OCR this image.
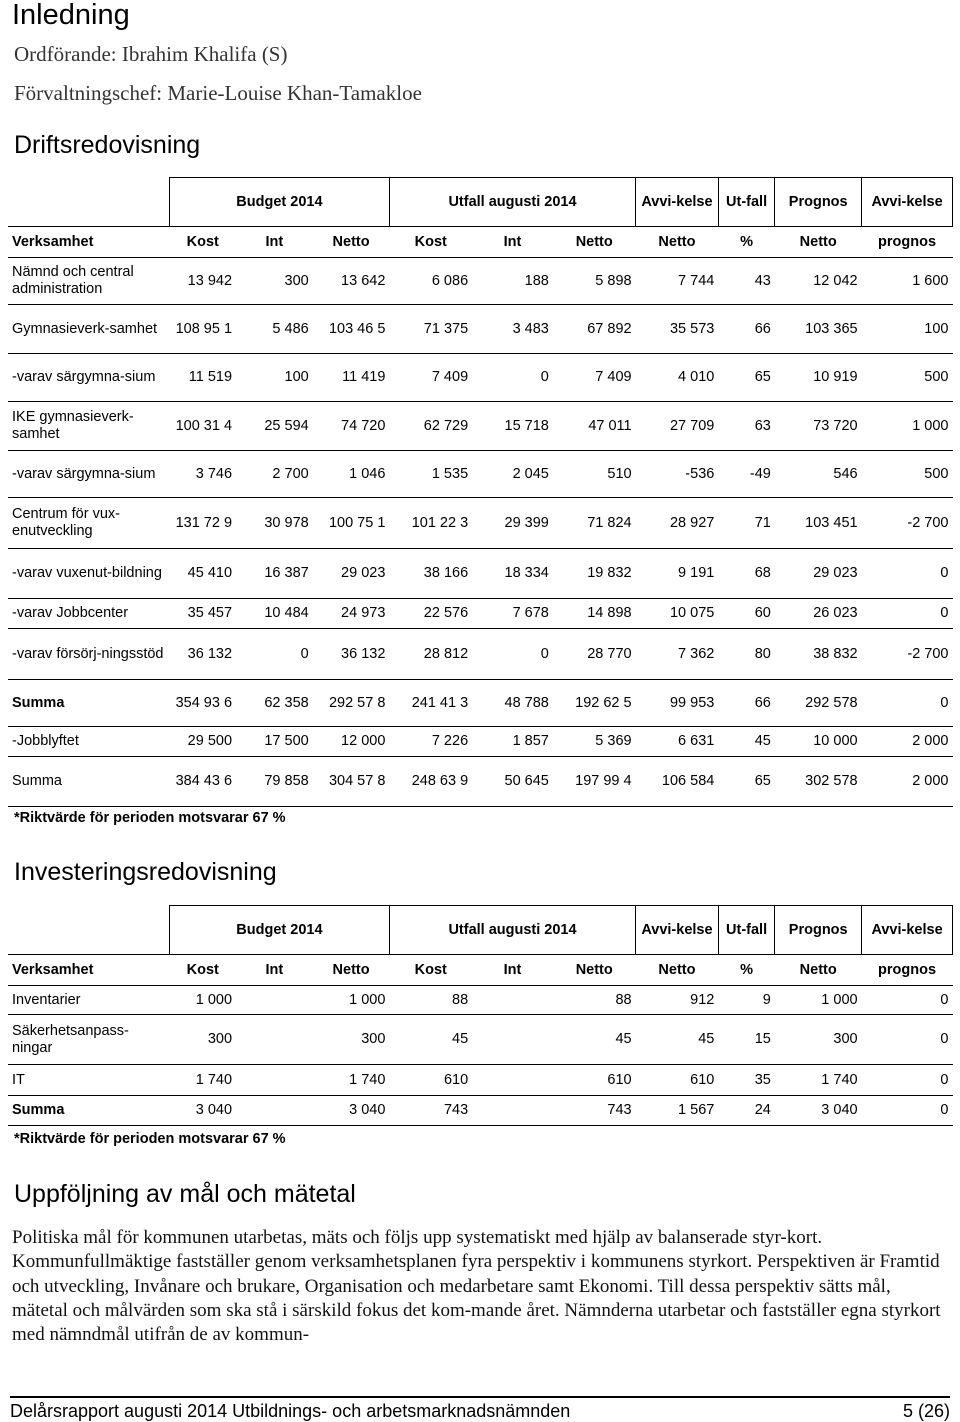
Inledning
Ordförande: Ibrahim Khalifa (S)
Förvaltningschef: Marie-Louise Khan-Tamakloe
Driftsredovisning
	Budget 2014			Utfall augusti 2014			Avvi-kelse	Ut-fall	Prognos	Avvi-kelse
Verksamhet	Kost	Int	Netto	Kost	Int	Netto	Netto	%	Netto	prognos
Nämnd och central administration	13 942	300	13 642	6 086	188	5 898	7 744	43	12 042	1 600
Gymnasieverk-samhet	108 95 1	5 486	103 46 5	71 375	3 483	67 892	35 573	66	103 365	100
-varav särgymna-sium	11 519	100	11 419	7 409	0	7 409	4 010	65	10 919	500
IKE gymnasieverk-samhet	100 31 4	25 594	74 720	62 729	15 718	47 011	27 709	63	73 720	1 000
-varav särgymna-sium	3 746	2 700	1 046	1 535	2 045	510	-536	-49	546	500
Centrum för vux-enutveckling	131 72 9	30 978	100 75 1	101 22 3	29 399	71 824	28 927	71	103 451	-2 700
-varav vuxenut-bildning	45 410	16 387	29 023	38 166	18 334	19 832	9 191	68	29 023	0
-varav Jobbcenter	35 457	10 484	24 973	22 576	7 678	14 898	10 075	60	26 023	0
-varav försörj-ningsstöd	36 132	0	36 132	28 812	0	28 770	7 362	80	38 832	-2 700
Summa	354 93 6	62 358	292 57 8	241 41 3	48 788	192 62 5	99 953	66	292 578	0
-Jobblyftet	29 500	17 500	12 000	7 226	1 857	5 369	6 631	45	10 000	2 000
Summa	384 43 6	79 858	304 57 8	248 63 9	50 645	197 99 4	106 584	65	302 578	2 000
*Riktvärde för perioden motsvarar 67 %
Investeringsredovisning
	Budget 2014			Utfall augusti 2014			Avvi-kelse	Ut-fall	Prognos	Avvi-kelse
Verksamhet	Kost	Int	Netto	Kost	Int	Netto	Netto	%	Netto	prognos
Inventarier	1 000		1 000	88		88	912	9	1 000	0
Säkerhetsanpass-ningar	300		300	45		45	45	15	300	0
IT	1 740		1 740	610		610	610	35	1 740	0
Summa	3 040		3 040	743		743	1 567	24	3 040	0
*Riktvärde för perioden motsvarar 67 %
Uppföljning av mål och mätetal
Politiska mål för kommunen utarbetas, mäts och följs upp systematiskt med hjälp av balanserade styr-kort. Kommunfullmäktige fastställer genom verksamhetsplanen fyra perspektiv i kommunens styrkort. Perspektiven är Framtid och utveckling, Invånare och brukare, Organisation och medarbetare samt Ekonomi. Till dessa perspektiv sätts mål, mätetal och målvärden som ska stå i särskild fokus det kom-mande året. Nämnderna utarbetar och fastställer egna styrkort med nämndmål utifrån de av kommun-
Delårsrapport augusti 2014 Utbildnings- och arbetsmarknadsnämnden	5 (26)
